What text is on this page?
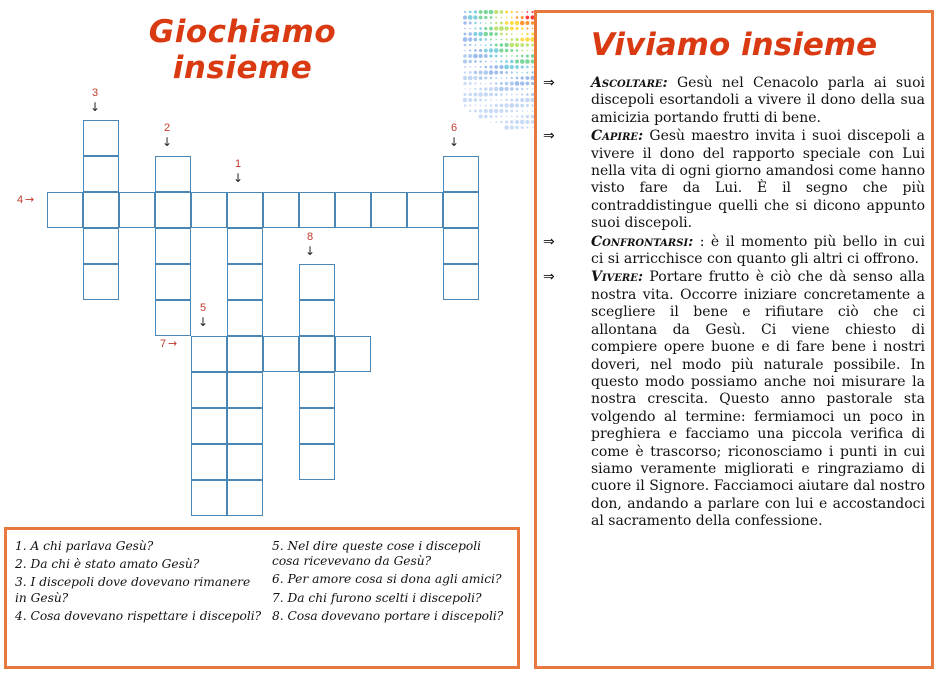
Giochiamo insieme
3
↓
2
↓
1
↓
6
↓
8
↓
5
↓
4 →
7 →
1. A chi parlava Gesù?
2. Da chi è stato amato Gesù?
3. I discepoli dove dovevano rimanere in Gesù?
4. Cosa dovevano rispettare i discepoli?
5. Nel dire queste cose i discepoli cosa ricevevano da Gesù?
6. Per amore cosa si dona agli amici?
7. Da chi furono scelti i discepoli?
8. Cosa dovevano portare i discepoli?
Viviamo insieme
⇒	Ascoltare: Gesù nel Cenacolo parla ai suoi discepoli esortandoli a vivere il dono della sua amicizia portando frutti di bene.
⇒	Capire: Gesù maestro invita i suoi discepoli a vivere il dono del rapporto speciale con Lui nella vita di ogni giorno amandosi come hanno visto fare da Lui. È il segno che più contraddistingue quelli che si dicono appunto suoi discepoli.
⇒	Confrontarsi: : è il momento più bello in cui ci si arricchisce con quanto gli altri ci offrono.
⇒	Vivere: Portare frutto è ciò che dà senso alla nostra vita. Occorre iniziare concretamente a scegliere il bene e rifiutare ciò che ci allontana da Gesù. Ci viene chiesto di compiere opere buone e di fare bene i nostri doveri, nel modo più naturale possibile. In questo modo possiamo anche noi misurare la nostra crescita. Questo anno pastorale sta volgendo al termine: fermiamoci un poco in preghiera e facciamo una piccola verifica di come è trascorso; riconosciamo i punti in cui siamo veramente migliorati e ringraziamo di cuore il Signore. Facciamoci aiutare dal nostro don, andando a parlare con lui e accostandoci al sacramento della confessione.
